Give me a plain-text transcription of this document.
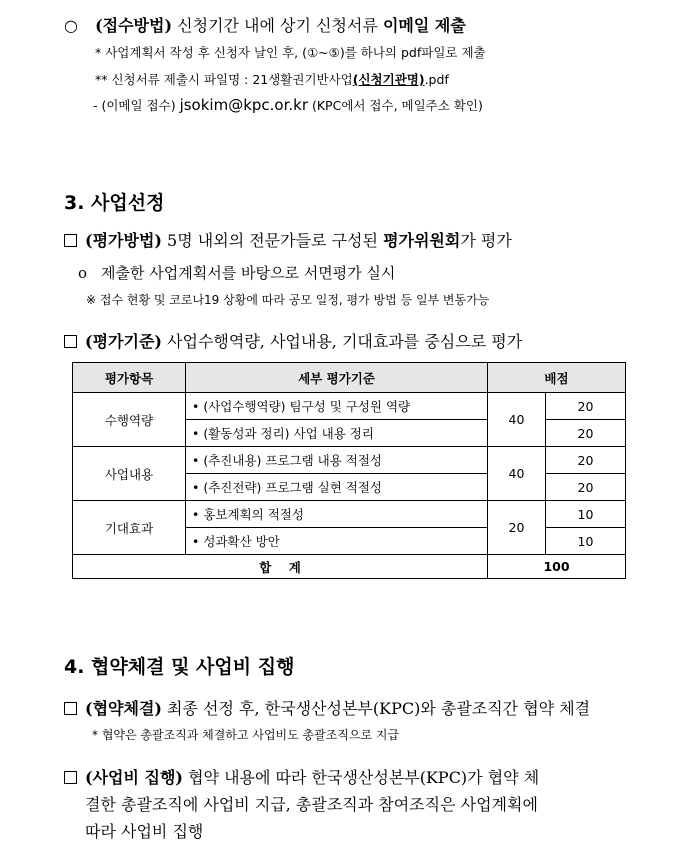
○ (접수방법) 신청기간 내에 상기 신청서류 이메일 제출
* 사업계획서 작성 후 신청자 날인 후, (①~⑤)를 하나의 pdf파일로 제출
** 신청서류 제출시 파일명 : 21생활권기반사업(신청기관명).pdf
- (이메일 접수) jsokim@kpc.or.kr (KPC에서 접수, 메일주소 확인)
3. 사업선정
(평가방법) 5명 내외의 전문가들로 구성된 평가위원회가 평가
ο 제출한 사업계획서를 바탕으로 서면평가 실시
※ 접수 현황 및 코로나19 상황에 따라 공모 일정, 평가 방법 등 일부 변동가능
(평가기준) 사업수행역량, 사업내용, 기대효과를 중심으로 평가
평가항목	세부 평가기준	배점	
수행역량	• (사업수행역량) 팀구성 및 구성원 역량	40	20
	• (활동성과 정리) 사업 내용 정리		20
사업내용	• (추진내용) 프로그램 내용 적절성	40	20
	• (추진전략) 프로그램 실현 적절성		20
기대효과	• 홍보계획의 적절성	20	10
	• 성과확산 방안		10
합    계		100	
4. 협약체결 및 사업비 집행
(협약체결) 최종 선정 후, 한국생산성본부(KPC)와 총괄조직간 협약 체결
* 협약은 총괄조직과 체결하고 사업비도 총괄조직으로 지급
(사업비 집행) 협약 내용에 따라 한국생산성본부(KPC)가 협약 체
결한 총괄조직에 사업비 지급, 총괄조직과 참여조직은 사업계획에
따라 사업비 집행
